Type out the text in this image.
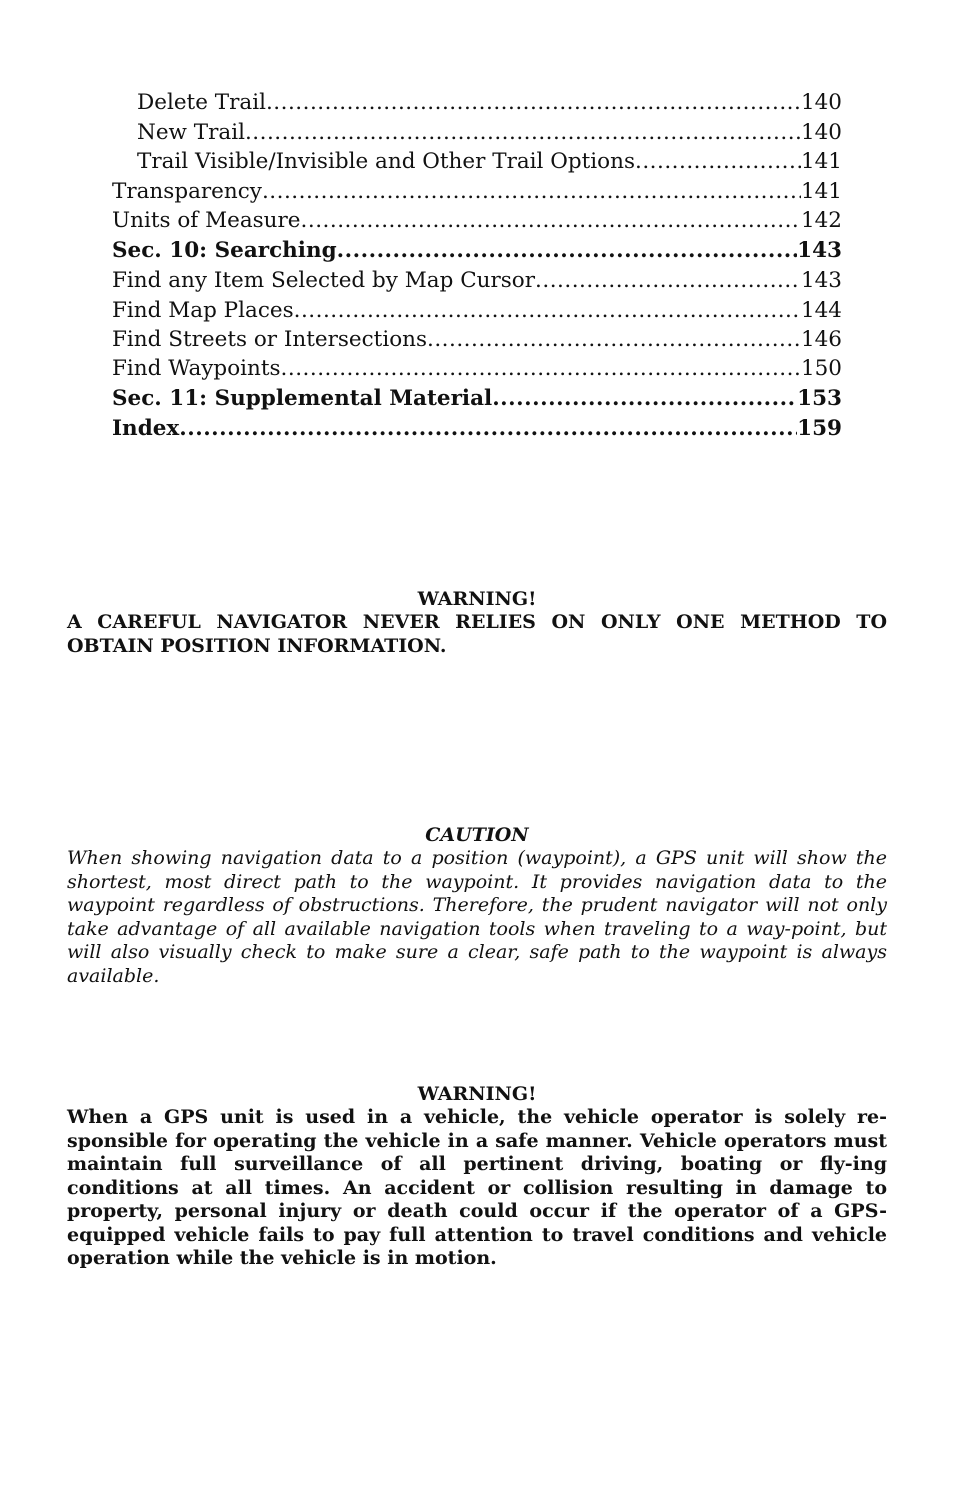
Delete Trail .....	140
New Trail .....	140
Trail Visible/Invisible and Other Trail Options .....	141
Transparency .....	141
Units of Measure .....	142
Sec. 10: Searching .....	143
Find any Item Selected by Map Cursor .....	143
Find Map Places .....	144
Find Streets or Intersections .....	146
Find Waypoints .....	150
Sec. 11: Supplemental Material .....	153
Index .....	159
WARNING!
A CAREFUL NAVIGATOR NEVER RELIES ON ONLY ONE METHOD TO OBTAIN POSITION INFORMATION.
CAUTION
When showing navigation data to a position (waypoint), a GPS unit will show the shortest, most direct path to the waypoint. It provides navigation data to the waypoint regardless of obstructions. Therefore, the prudent navigator will not only take advantage of all available navigation tools when traveling to a way-point, but will also visually check to make sure a clear, safe path to the waypoint is always available.
WARNING!
When a GPS unit is used in a vehicle, the vehicle operator is solely re-sponsible for operating the vehicle in a safe manner. Vehicle operators must maintain full surveillance of all pertinent driving, boating or fly-ing conditions at all times. An accident or collision resulting in damage to property, personal injury or death could occur if the operator of a GPS-equipped vehicle fails to pay full attention to travel conditions and vehicle operation while the vehicle is in motion.
